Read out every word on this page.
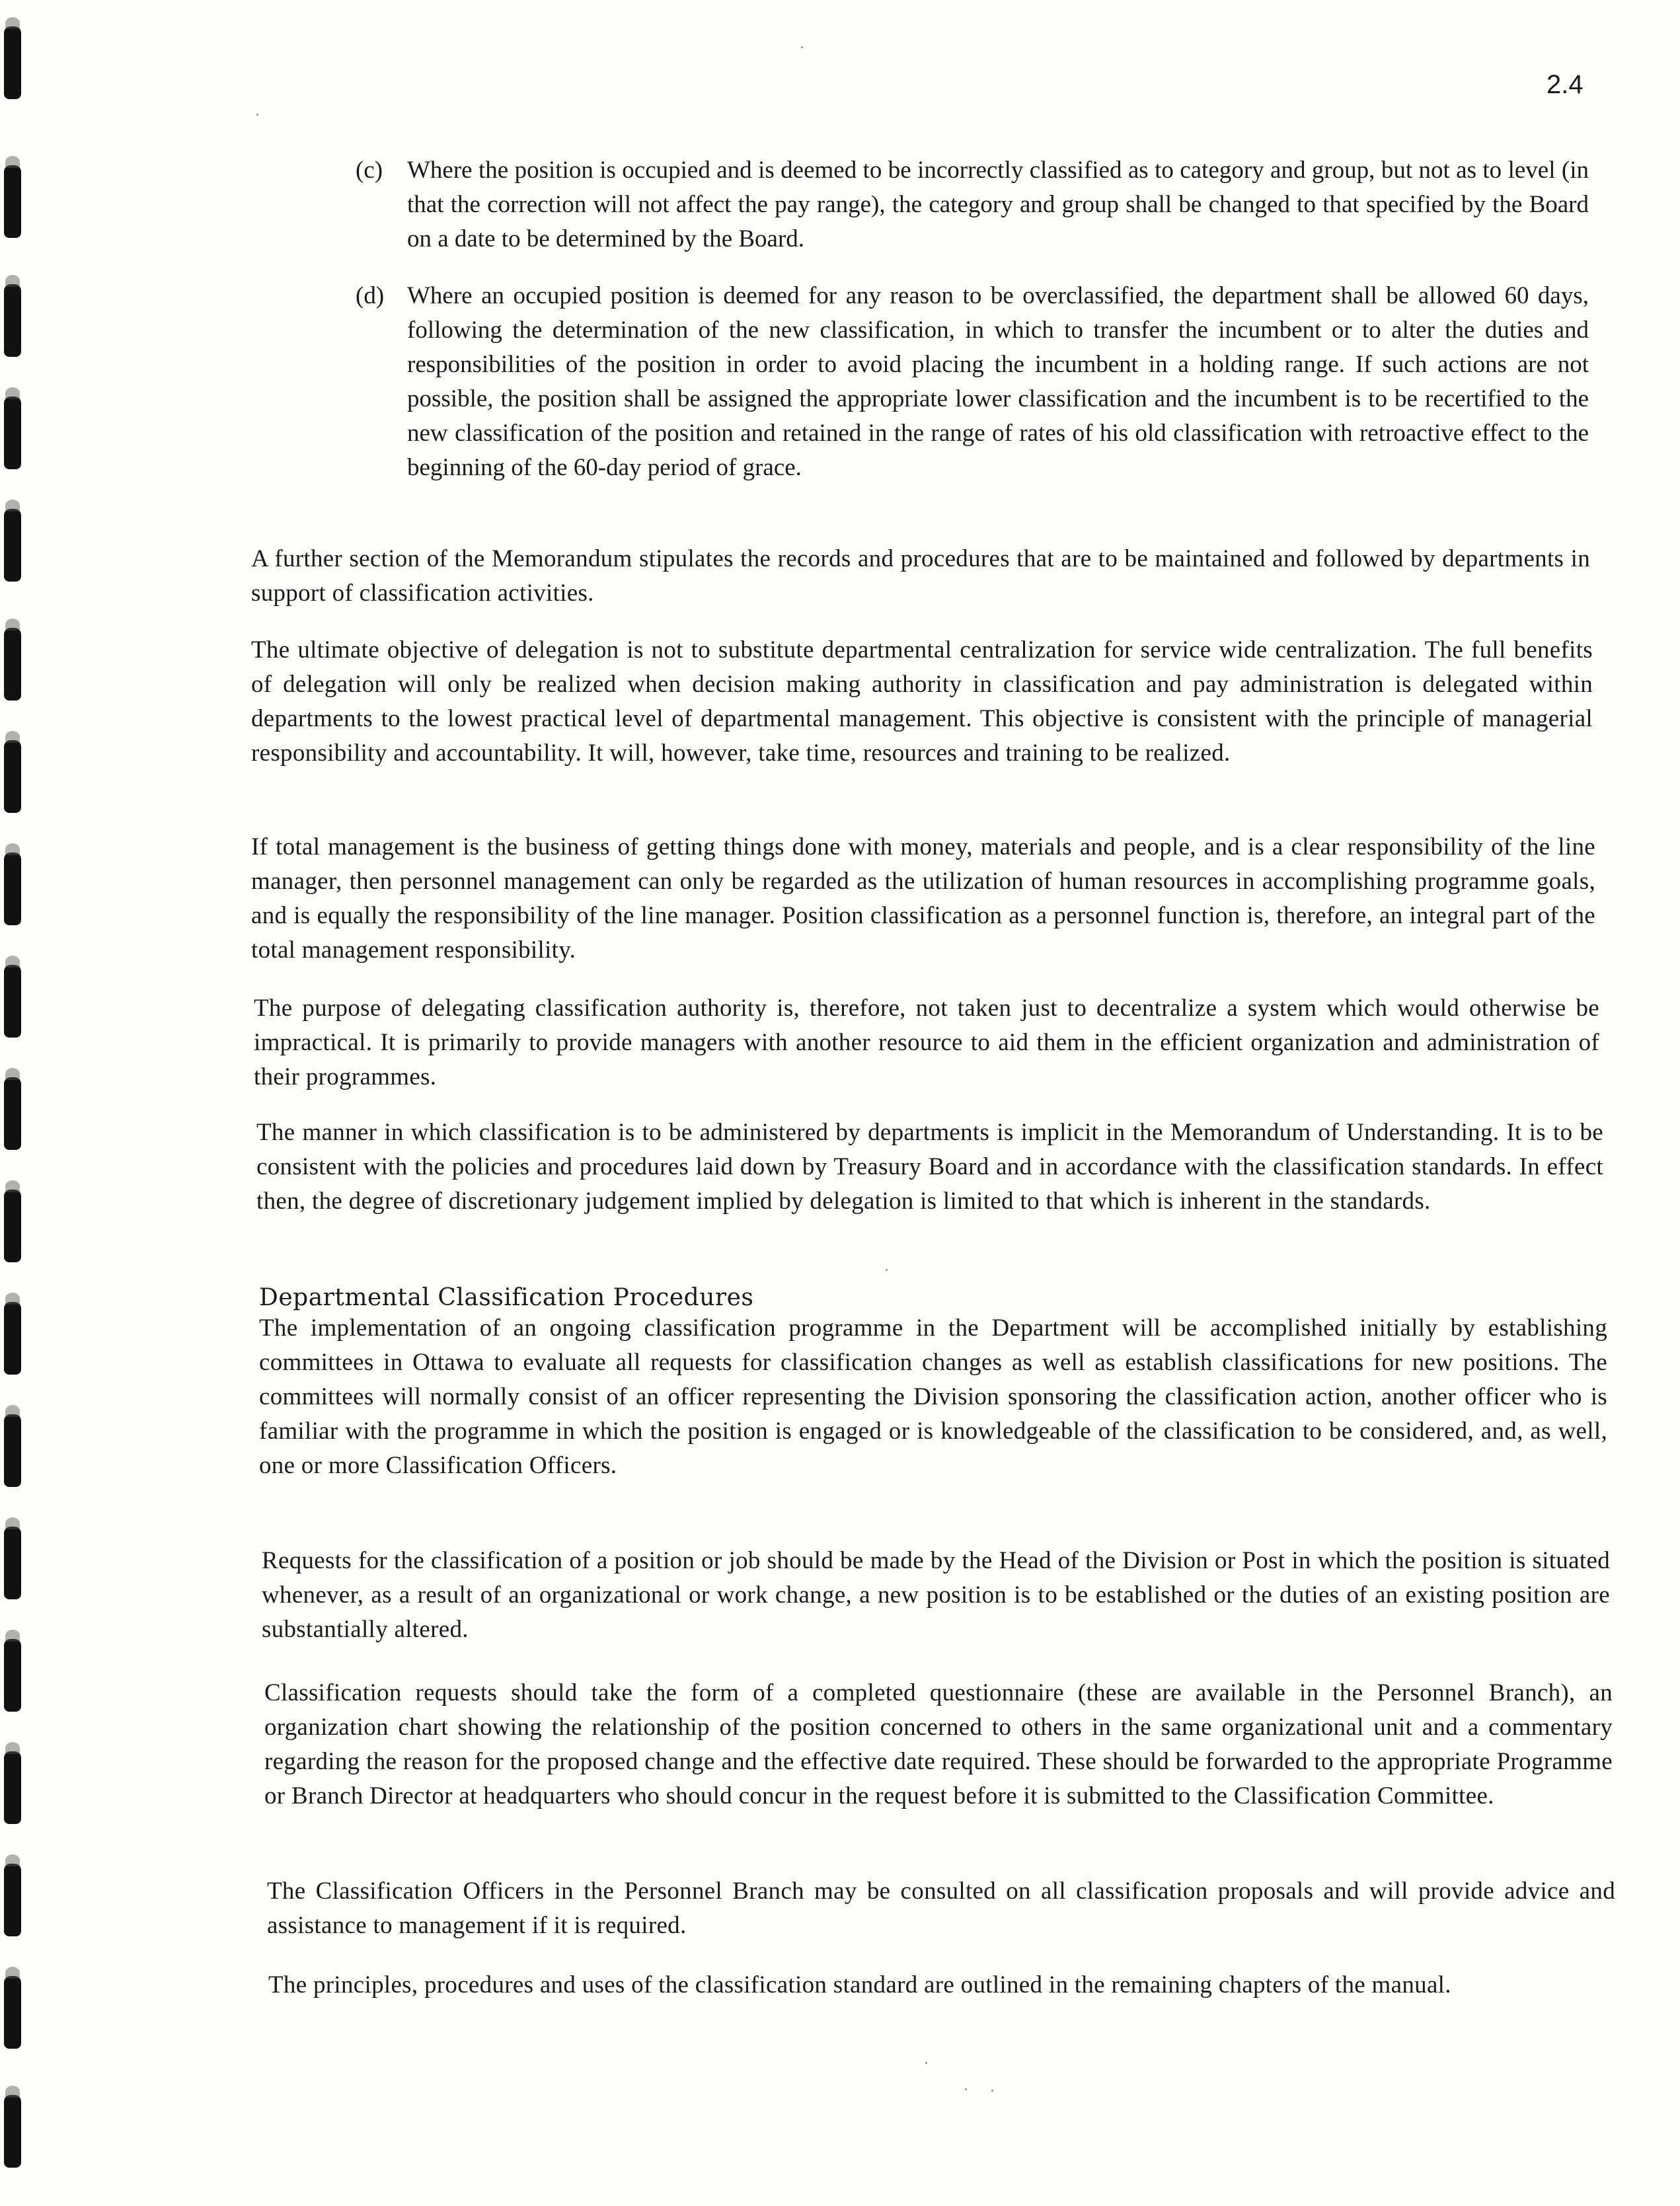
2.4
(c) Where the position is occupied and is deemed to be incorrectly classified as to category and group, but not as to level (in that the correction will not affect the pay range), the category and group shall be changed to that specified by the Board on a date to be determined by the Board.
(d) Where an occupied position is deemed for any reason to be overclassified, the department shall be allowed 60 days, following the determination of the new classification, in which to transfer the incumbent or to alter the duties and responsibilities of the position in order to avoid placing the incumbent in a holding range. If such actions are not possible, the position shall be assigned the appropriate lower classification and the incumbent is to be recertified to the new classification of the position and retained in the range of rates of his old classification with retroactive effect to the beginning of the 60-day period of grace.
A further section of the Memorandum stipulates the records and procedures that are to be maintained and followed by departments in support of classification activities.
The ultimate objective of delegation is not to substitute departmental centralization for service wide centralization. The full benefits of delegation will only be realized when decision making authority in classification and pay administration is delegated within departments to the lowest practical level of departmental management. This objective is consistent with the principle of managerial responsibility and accountability. It will, however, take time, resources and training to be realized.
If total management is the business of getting things done with money, materials and people, and is a clear responsibility of the line manager, then personnel management can only be regarded as the utilization of human resources in accomplishing programme goals, and is equally the responsibility of the line manager. Position classification as a personnel function is, therefore, an integral part of the total management responsibility.
The purpose of delegating classification authority is, therefore, not taken just to decentralize a system which would otherwise be impractical. It is primarily to provide managers with another resource to aid them in the efficient organization and administration of their programmes.
The manner in which classification is to be administered by departments is implicit in the Memorandum of Understanding. It is to be consistent with the policies and procedures laid down by Treasury Board and in accordance with the classification standards. In effect then, the degree of discretionary judgement implied by delegation is limited to that which is inherent in the standards.
Departmental Classification Procedures
The implementation of an ongoing classification programme in the Department will be accomplished initially by establishing committees in Ottawa to evaluate all requests for classification changes as well as establish classifications for new positions. The committees will normally consist of an officer representing the Division sponsoring the classification action, another officer who is familiar with the programme in which the position is engaged or is knowledgeable of the classification to be considered, and, as well, one or more Classification Officers.
Requests for the classification of a position or job should be made by the Head of the Division or Post in which the position is situated whenever, as a result of an organizational or work change, a new position is to be established or the duties of an existing position are substantially altered.
Classification requests should take the form of a completed questionnaire (these are available in the Personnel Branch), an organization chart showing the relationship of the position concerned to others in the same organizational unit and a commentary regarding the reason for the proposed change and the effective date required. These should be forwarded to the appropriate Programme or Branch Director at headquarters who should concur in the request before it is submitted to the Classification Committee.
The Classification Officers in the Personnel Branch may be consulted on all classification proposals and will provide advice and assistance to management if it is required.
The principles, procedures and uses of the classification standard are outlined in the remaining chapters of the manual.
